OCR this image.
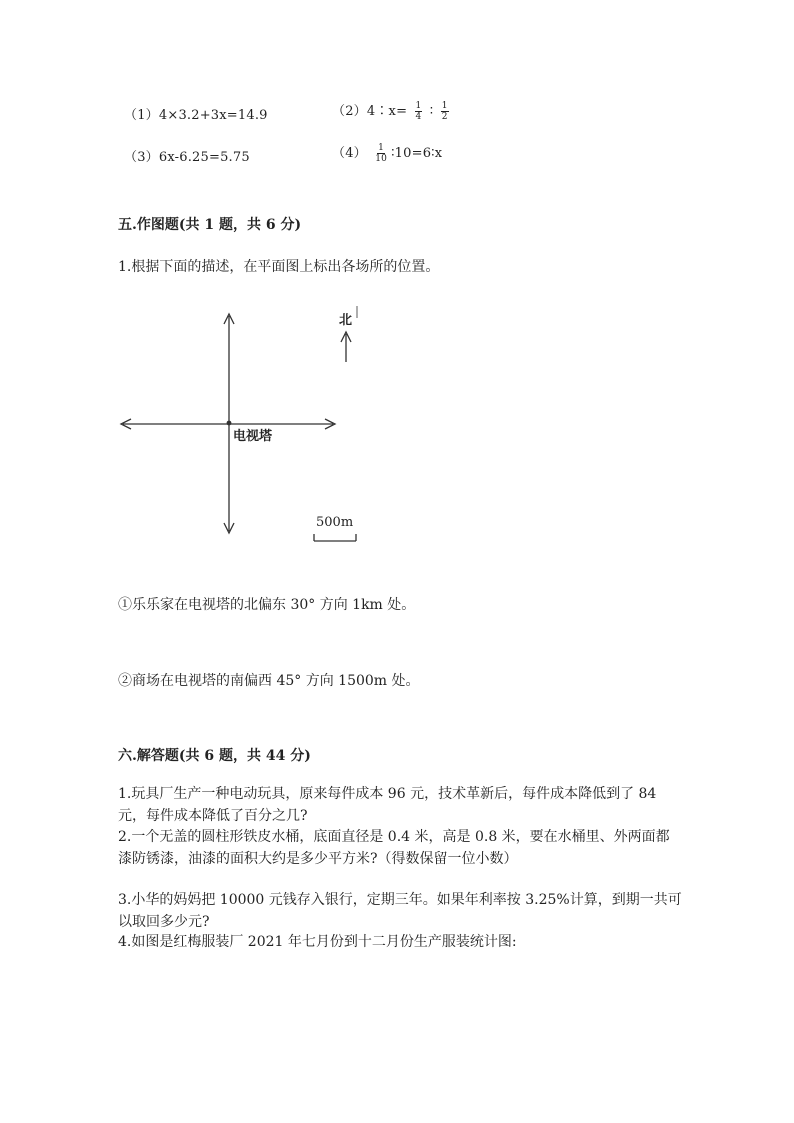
（1）4×3.2+3x=14.9	（2）4∶x= $\frac{1}{4}$ ∶ $\frac{1}{2}$
（3）6x-6.25=5.75	$(4) \frac{1}{10}$ ∶10=6∶x
五.作图题(共 1 题，共 6 分)
1.根据下面的描述，在平面图上标出各场所的位置。
北
电视塔
500m
①乐乐家在电视塔的北偏东 30° 方向 1km 处。
②商场在电视塔的南偏西 45° 方向 1500m 处。
六.解答题(共 6 题，共 44 分)
1.玩具厂生产一种电动玩具，原来每件成本 96 元，技术革新后，每件成本降低到了 84 元，每件成本降低了百分之几?
2.一个无盖的圆柱形铁皮水桶，底面直径是 0.4 米，高是 0.8 米，要在水桶里、外两面都漆防锈漆，油漆的面积大约是多少平方米?（得数保留一位小数）
3.小华的妈妈把 10000 元钱存入银行，定期三年。如果年利率按 3.25%计算，到期一共可以取回多少元?
4.如图是红梅服装厂 2021 年七月份到十二月份生产服装统计图:
